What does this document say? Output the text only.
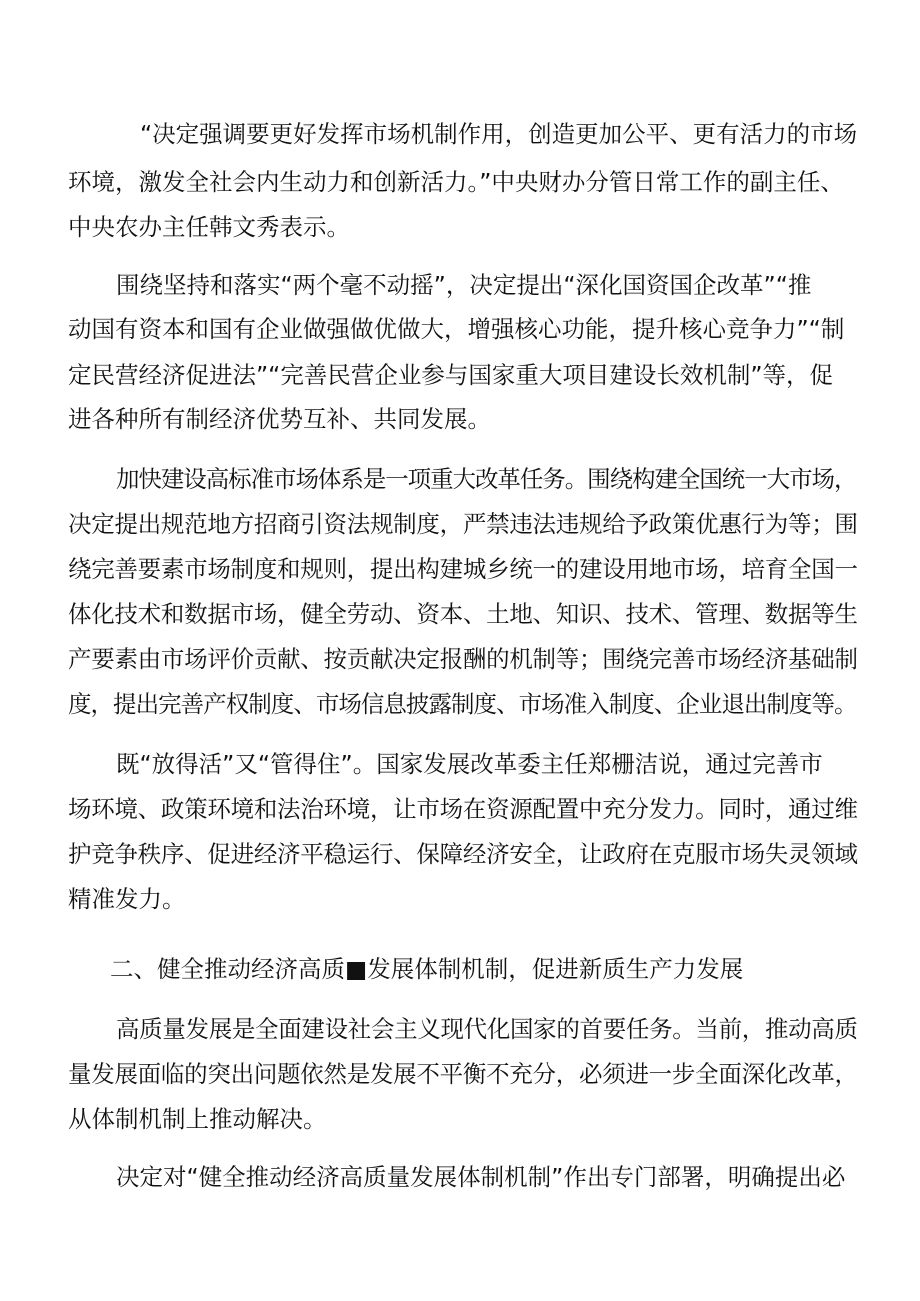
“决定强调要更好发挥市场机制作用，创造更加公平、更有活力的市场
环境，激发全社会内生动力和创新活力。”中央财办分管日常工作的副主任、
中央农办主任韩文秀表示。
围绕坚持和落实“两个毫不动摇”，决定提出“深化国资国企改革”“推
动国有资本和国有企业做强做优做大，增强核心功能，提升核心竞争力”“制
定民营经济促进法”“完善民营企业参与国家重大项目建设长效机制”等，促
进各种所有制经济优势互补、共同发展。
加快建设高标准市场体系是一项重大改革任务。围绕构建全国统一大市场，
决定提出规范地方招商引资法规制度，严禁违法违规给予政策优惠行为等；围
绕完善要素市场制度和规则，提出构建城乡统一的建设用地市场，培育全国一
体化技术和数据市场，健全劳动、资本、土地、知识、技术、管理、数据等生
产要素由市场评价贡献、按贡献决定报酬的机制等；围绕完善市场经济基础制
度，提出完善产权制度、市场信息披露制度、市场准入制度、企业退出制度等。
既“放得活”又“管得住”。国家发展改革委主任郑栅洁说，通过完善市
场环境、政策环境和法治环境，让市场在资源配置中充分发力。同时，通过维
护竞争秩序、促进经济平稳运行、保障经济安全，让政府在克服市场失灵领域
精准发力。
二、健全推动经济高质■发展体制机制，促进新质生产力发展
高质量发展是全面建设社会主义现代化国家的首要任务。当前，推动高质
量发展面临的突出问题依然是发展不平衡不充分，必须进一步全面深化改革，
从体制机制上推动解决。
决定对“健全推动经济高质量发展体制机制”作出专门部署，明确提出必
